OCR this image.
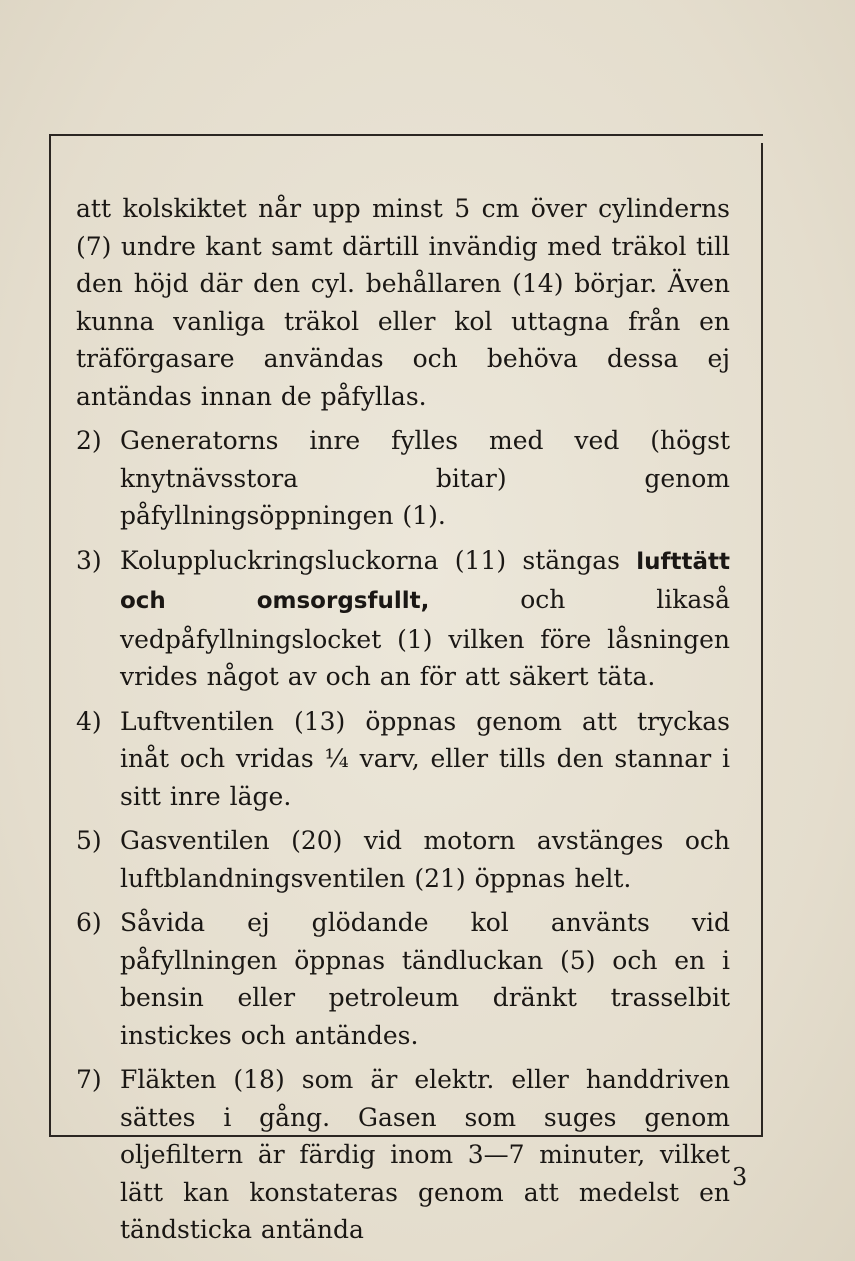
att kolskiktet når upp minst 5 cm över cylinderns (7) undre kant samt därtill invändig med träkol till den höjd där den cyl. behållaren (14) börjar. Även kunna vanliga träkol eller kol uttagna från en träförgasare användas och behöva dessa ej antändas innan de påfyllas.

2) Generatorns inre fylles med ved (högst knytnävsstora bitar) genom påfyllningsöppningen (1).
3) Koluppluckringsluckorna (11) stängas lufttätt och omsorgsfullt,	och likaså vedpåfyllningslocket (1) vilken före låsningen vrides något av och an för att säkert täta.
4) Luftventilen (13) öppnas genom att tryckas inåt och vridas ¼ varv, eller tills den stannar i sitt inre läge.
5) Gasventilen (20) vid motorn avstänges och luftblandningsventilen (21) öppnas helt.
6) Såvida ej glödande kol använts vid påfyllningen öppnas tändluckan (5) och en i bensin eller petroleum dränkt trasselbit instickes och antändes.
7) Fläkten (18) som är elektr. eller handdriven sättes i gång. Gasen som suges genom oljefiltern är färdig inom 3—7 minuter, vilket lätt kan konstateras genom att medelst en tändsticka antända
3
